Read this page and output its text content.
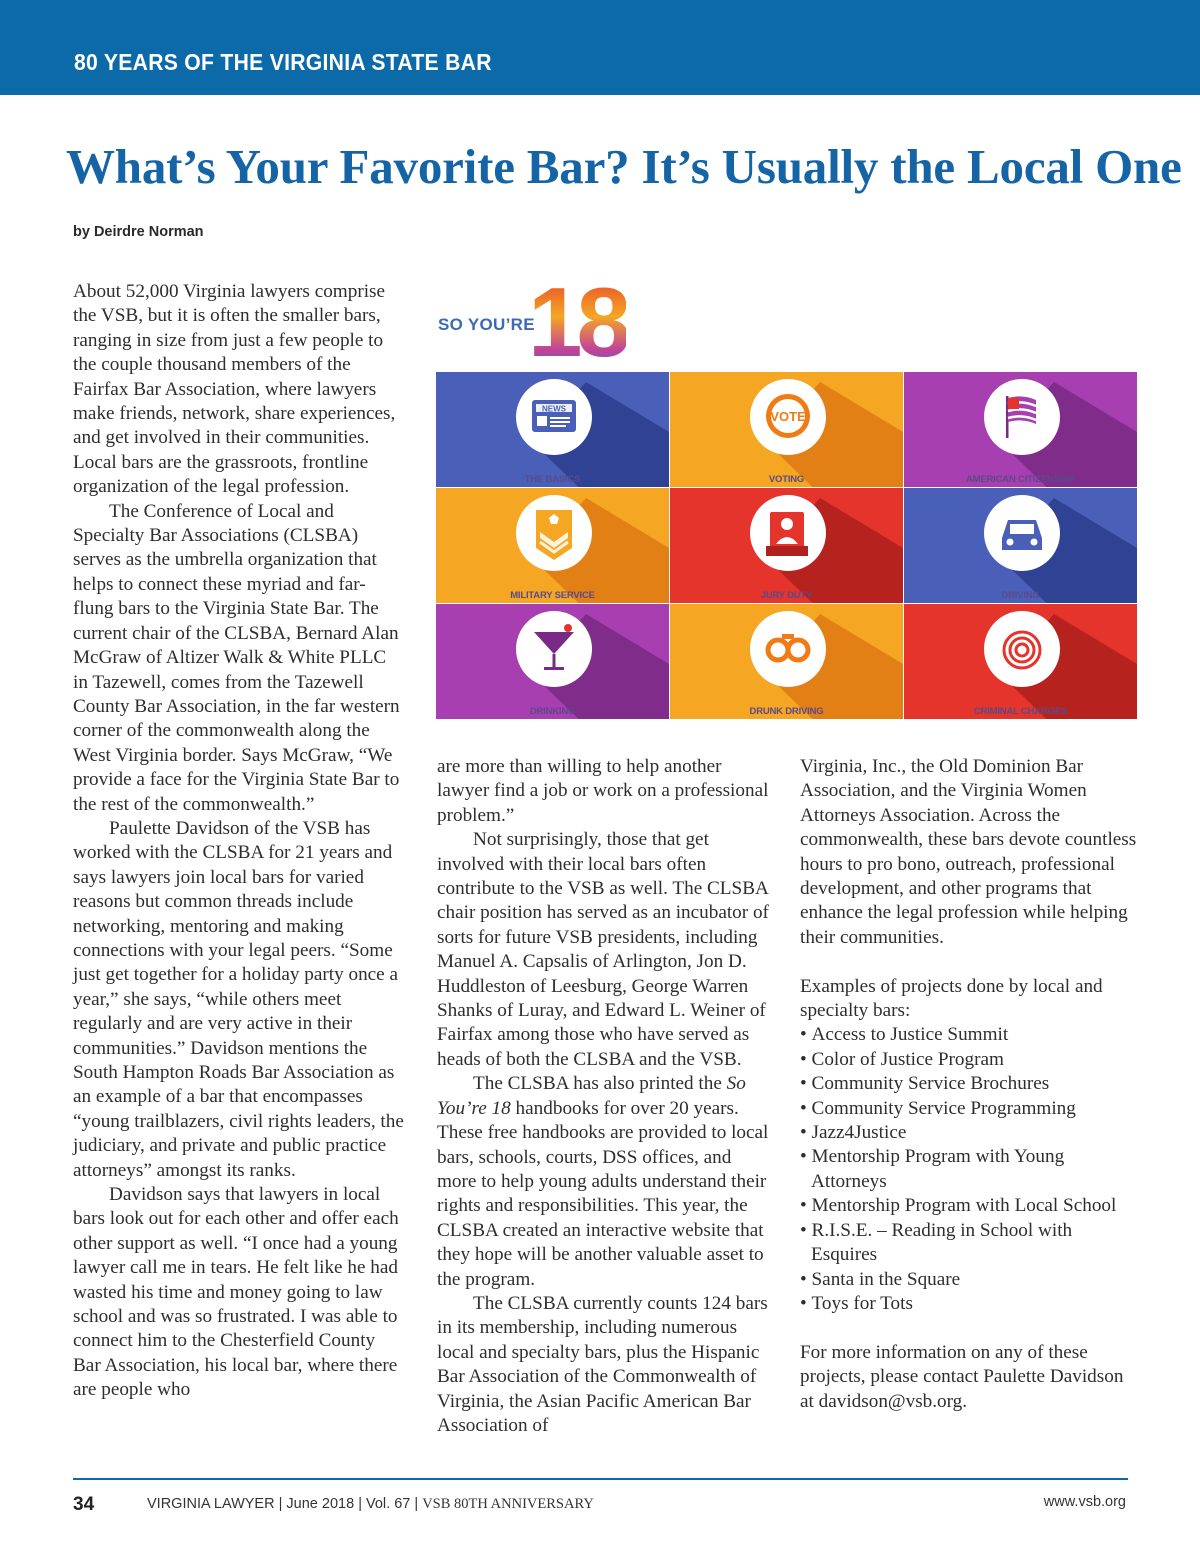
80 YEARS OF THE VIRGINIA STATE BAR
What’s Your Favorite Bar? It’s Usually the Local One
by Deirdre Norman

About 52,000 Virginia lawyers comprise the VSB, but it is often the smaller bars, ranging in size from just a few people to the couple thousand members of the Fairfax Bar Association, where lawyers make friends, network, share experiences, and get involved in their communities. Local bars are the grassroots, frontline organization of the legal profession.

The Conference of Local and Specialty Bar Associations (CLSBA) serves as the umbrella organization that helps to connect these myriad and far-flung bars to the Virginia State Bar. The current chair of the CLSBA, Bernard Alan McGraw of Altizer Walk & White PLLC in Tazewell, comes from the Tazewell County Bar Association, in the far western corner of the commonwealth along the West Virginia border. Says McGraw, “We provide a face for the Virginia State Bar to the rest of the commonwealth.”

Paulette Davidson of the VSB has worked with the CLSBA for 21 years and says lawyers join local bars for varied reasons but common threads include networking, mentoring and making connections with your legal peers. “Some just get together for a holiday party once a year,” she says, “while others meet regularly and are very active in their communities.” Davidson mentions the South Hampton Roads Bar Association as an example of a bar that encompasses “young trailblazers, civil rights leaders, the judiciary, and private and public practice attorneys” amongst its ranks.

Davidson says that lawyers in local bars look out for each other and offer each other support as well. “I once had a young lawyer call me in tears. He felt like he had wasted his time and money going to law school and was so frustrated. I was able to connect him to the Chesterfield County Bar Association, his local bar, where there are people who

SO YOU’RE
18
NEWS
THE BASICS
VOTE
VOTING	AMERICAN CITIZENSHIP
MILITARY SERVICE	JURY DUTY	DRIVING
DRINKING	DRUNK DRIVING	CRIMINAL CHARGES

are more than willing to help another lawyer find a job or work on a professional problem.”

Not surprisingly, those that get involved with their local bars often contribute to the VSB as well. The CLSBA chair position has served as an incubator of sorts for future VSB presidents, including Manuel A. Capsalis of Arlington, Jon D. Huddleston of Leesburg, George Warren Shanks of Luray, and Edward L. Weiner of Fairfax among those who have served as heads of both the CLSBA and the VSB.

The CLSBA has also printed the So You’re 18 handbooks for over 20 years. These free handbooks are provided to local bars, schools, courts, DSS offices, and more to help young adults understand their rights and responsibilities. This year, the CLSBA created an interactive website that they hope will be another valuable asset to the program.

The CLSBA currently counts 124 bars in its membership, including numerous local and specialty bars, plus the Hispanic Bar Association of the Commonwealth of Virginia, the Asian Pacific American Bar Association of

Virginia, Inc., the Old Dominion Bar Association, and the Virginia Women Attorneys Association. Across the commonwealth, these bars devote countless hours to pro bono, outreach, professional development, and other programs that enhance the legal profession while helping their communities.

Examples of projects done by local and specialty bars:

• Access to Justice Summit
• Color of Justice Program
• Community Service Brochures
• Community Service Programming
• Jazz4Justice
• Mentorship Program with Young Attorneys
• Mentorship Program with Local School
• R.I.S.E. – Reading in School with Esquires
• Santa in the Square
• Toys for Tots

For more information on any of these projects, please contact Paulette Davidson at davidson@vsb.org.

34	VIRGINIA LAWYER | June 2018 | Vol. 67 | VSB 80TH ANNIVERSARY	www.vsb.org
